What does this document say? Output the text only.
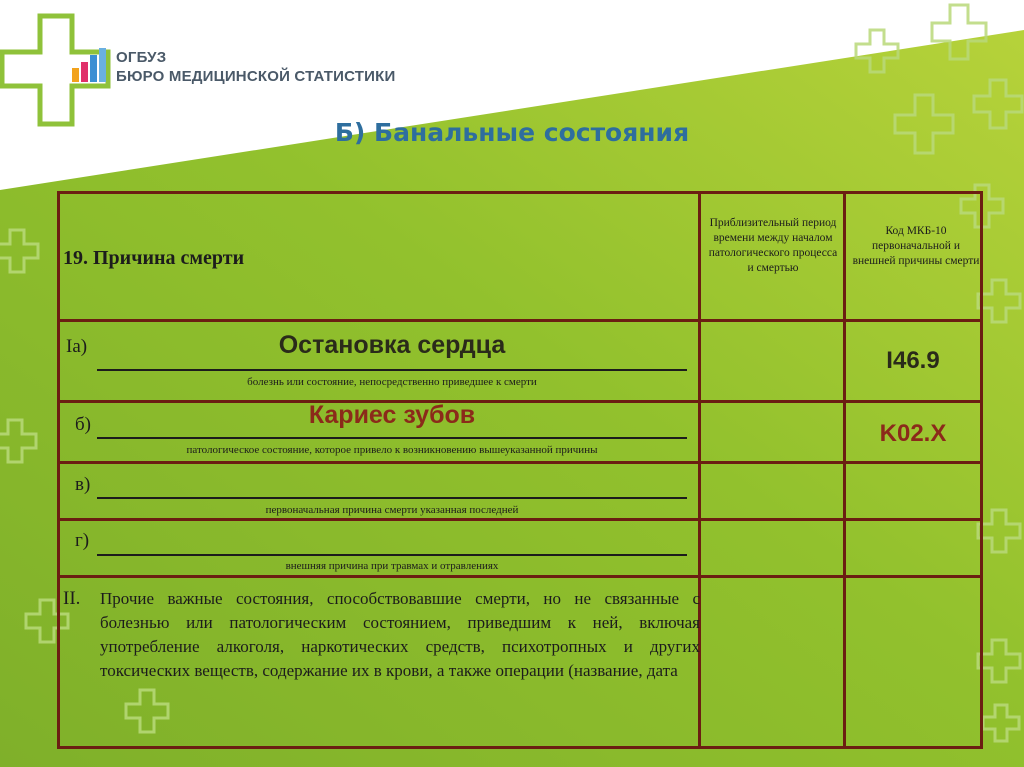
ОГБУЗ
БЮРО МЕДИЦИНСКОЙ СТАТИСТИКИ
Б) Банальные состояния
19. Причина смерти
Приблизительный период времени между началом патологического процесса и смертью
Код МКБ-10 первоначальной и внешней причины смерти
Iа)	Остановка сердца
болезнь или состояние, непосредственно приведшее к смерти
I46.9
б)	Кариес зубов
патологическое состояние, которое привело к возникновению вышеуказанной причины
K02.X
в)
первоначальная причина смерти указанная последней
г)
внешняя причина при травмах и отравлениях
II. Прочие важные состояния, способствовавшие смерти, но не связанные с болезнью или патологическим состоянием, приведшим к ней, включая употребление алкоголя, наркотических средств, психотропных и других токсических веществ, содержание их в крови, а также операции (название, дата
